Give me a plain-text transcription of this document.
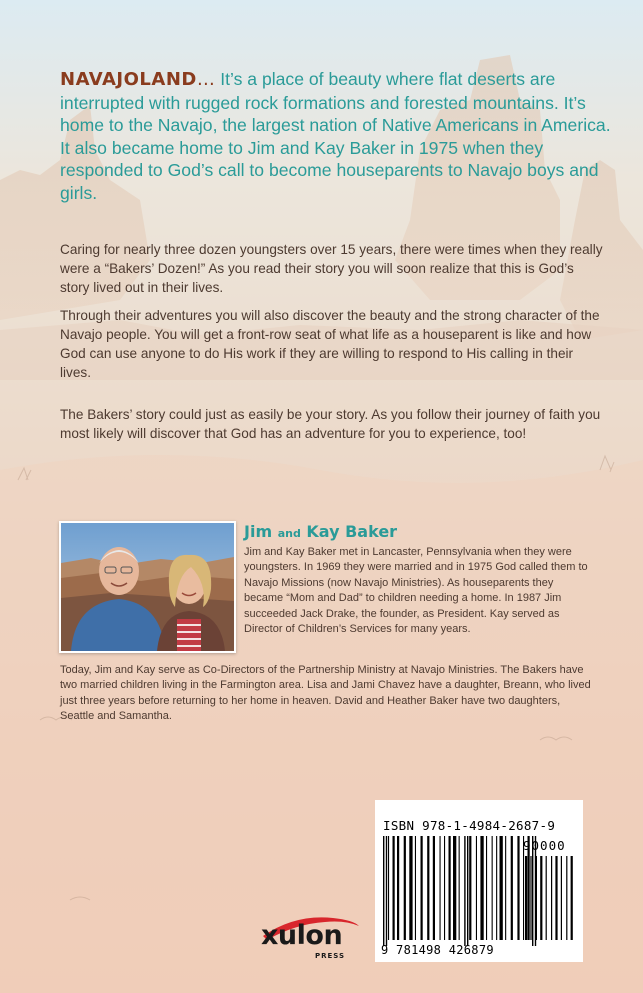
NAVAJOLAND… It’s a place of beauty where flat deserts are interrupted with rugged rock formations and forested mountains. It’s home to the Navajo, the largest nation of Native Americans in America. It also became home to Jim and Kay Baker in 1975 when they responded to God’s call to become houseparents to Navajo boys and girls.
Caring for nearly three dozen youngsters over 15 years, there were times when they really were a “Bakers’ Dozen!” As you read their story you will soon realize that this is God’s story lived out in their lives.
Through their adventures you will also discover the beauty and the strong character of the Navajo people. You will get a front-row seat of what life as a houseparent is like and how God can use anyone to do His work if they are willing to respond to His calling in their lives.
The Bakers’ story could just as easily be your story. As you follow their journey of faith you most likely will discover that God has an adventure for you to experience, too!
Jim and Kay Baker
Jim and Kay Baker met in Lancaster, Pennsylvania when they were youngsters. In 1969 they were married and in 1975 God called them to Navajo Missions (now Navajo Ministries). As houseparents they became “Mom and Dad” to children needing a home. In 1987 Jim succeeded Jack Drake, the founder, as President. Kay served as Director of Children’s Services for many years.
Today, Jim and Kay serve as Co-Directors of the Partnership Ministry at Navajo Ministries. The Bakers have two married children living in the Farmington area. Lisa and Jami Chavez have a daughter, Breann, who lived just three years before returning to her home in heaven. David and Heather Baker have two daughters, Seattle and Samantha.
ISBN 978-1-4984-2687-9
90000
9 781498 426879
xulon
PRESS
